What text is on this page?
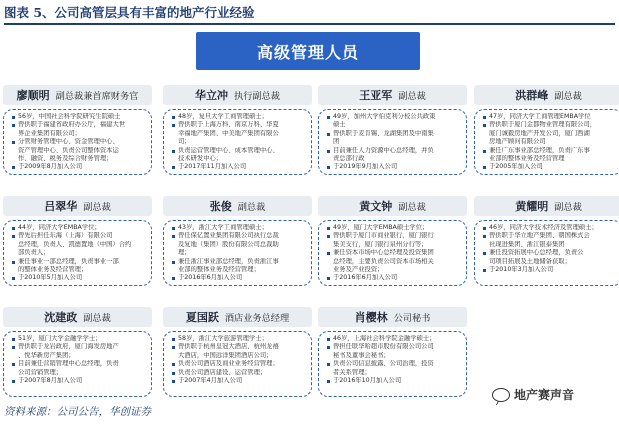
图表 5、公司高管层具有丰富的地产行业经验
高级管理人员
廖顺明 副总裁兼首席财务官
56岁，中国社会科学院研究生院硕士
曾供职于福建省政府办公厅，福建大世
界企业集团有限公司；
分管财务管理中心、资金管理中心、
资产管理中心、负责公司整体资本运
作、融资、税务及综合财务管理；
于2009年8月加入公司
华立冲 执行副总裁
48岁，复旦大学工商管理硕士；
曾供职于上海万科、南京万科、华夏
幸福地产集团、中美地产集团有限公
司；
负责运营管理中心、成本管理中心、
技术研发中心；
于2017年11月加入公司
王亚军 副总裁
49岁，加州大学伯克利分校公共政策
硕士
曾供职于麦肯锡、龙湖集团及中南集
团
目前兼任人力资源中心总经理，并负
责总部行政
于2019年9月加入公司
洪群峰 副总裁
47岁，同济大学工商管理EMBA学位
曾供职于厦门金都物业管理有限公司，
厦门诚毅房地产开发公司，厦门西湖
房地产顾问有限公司
兼任广东事业部总经理，负责广东事
业部的整体业务及经营管理
于2005年加入公司
吕翠华 副总裁
44岁，同济大学EMBA学位；
曾先后担任东海（上海）有限公司
总经理，负责人、凯德置地（中国）合约
部负责人；
兼任事业一部总经理，负责事业一部
的整体业务及经营管理；
于2010年5月加入公司
张俊 副总裁
43岁，浙江大学工商管理硕士；
曾任保亿置业集团有限公司执行总裁
及复地（集团）股份有限公司总裁助
理；
兼任浙江事业部总经理，负责浙江事
业部的整体业务及经营管理；
于2016年6月加入公司
黄文钟 副总裁
49岁，厦门大学EMBA硕士学位；
曾供职于厦门市商业银行，厦门银行
集美支行，厦门银行泉州分行等；
兼任资本市场中心总经理及投资集团
总经理，主要负责公司资本市场相关
业务及产业投资；
于2016年6月加入公司
黄耀明 副总裁
46岁，同济大学技术经济及管理硕士；
曾供职于华立地产集团、朝国株式会
社现进集团、浙江银泰集团
兼任投资拓展中心总经理，负责公
司项目拓展及土地储备获取；
于2010年3月加入公司
沈建政 副总裁
51岁，厦门大学金融学学士；
曾供职于龙岩政府，厦门海发房地产
、悦华新房产集团；
目前兼任营销管理中心总经理，负责
公司营销管理；
于2007年8月加入公司
夏国跃 酒店业务总经理
58岁，浙江大学旅游管理学士；
曾供职于杭州皇冠大酒店、杭州龙禧
大酒店，中国远洋集团酒店公司；
负责公司酒店及商业业务经营管理；
负责公司酒店建设、运营管理；
于2007年4月加入公司
肖樱林 公司秘书
46岁，上海社会科学院金融学硕士；
曾担任联华哈超市股份有限公司公司
秘书及董事会秘书；
负责公司信息披露、公司治理，投资
者关系管理；
于2016年10月加入公司
资料来源：公司公告，华创证券
地产赛声音
